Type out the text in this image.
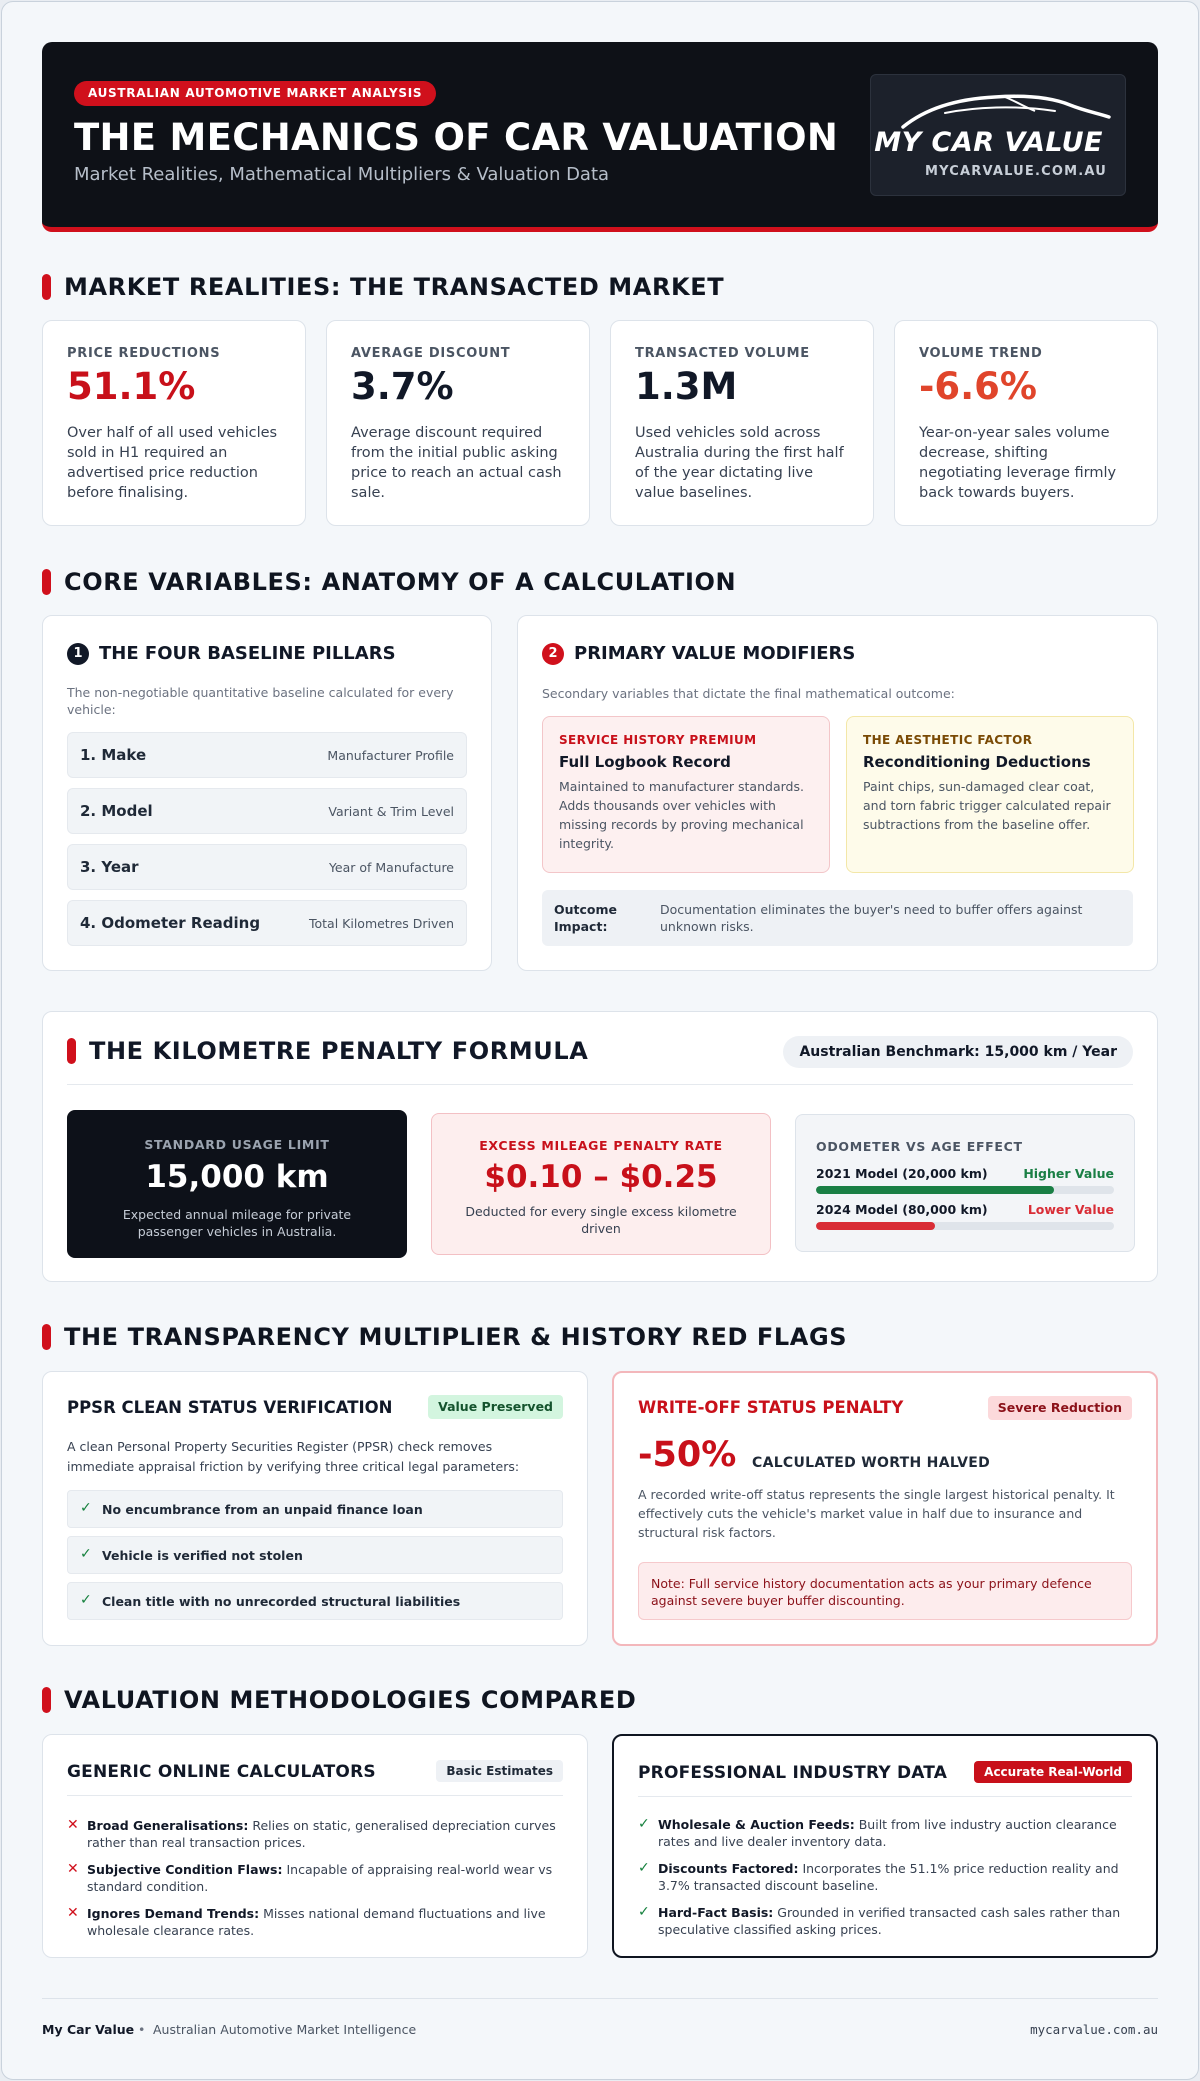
AUSTRALIAN AUTOMOTIVE MARKET ANALYSIS
THE MECHANICS OF CAR VALUATION
Market Realities, Mathematical Multipliers & Valuation Data
MY CAR VALUE
MYCARVALUE.COM.AU
MARKET REALITIES: THE TRANSACTED MARKET
PRICE REDUCTIONS
51.1%
Over half of all used vehicles sold in H1 required an advertised price reduction before finalising.
AVERAGE DISCOUNT
3.7%
Average discount required from the initial public asking price to reach an actual cash sale.
TRANSACTED VOLUME
1.3M
Used vehicles sold across Australia during the first half of the year dictating live value baselines.
VOLUME TREND
-6.6%
Year-on-year sales volume decrease, shifting negotiating leverage firmly back towards buyers.
CORE VARIABLES: ANATOMY OF A CALCULATION
1 THE FOUR BASELINE PILLARS
The non-negotiable quantitative baseline calculated for every vehicle:
1. Make	Manufacturer Profile
2. Model	Variant & Trim Level
3. Year	Year of Manufacture
4. Odometer Reading	Total Kilometres Driven
2 PRIMARY VALUE MODIFIERS
Secondary variables that dictate the final mathematical outcome:
SERVICE HISTORY PREMIUM
Full Logbook Record
Maintained to manufacturer standards. Adds thousands over vehicles with missing records by proving mechanical integrity.
THE AESTHETIC FACTOR
Reconditioning Deductions
Paint chips, sun-damaged clear coat, and torn fabric trigger calculated repair subtractions from the baseline offer.
Outcome Impact:
Documentation eliminates the buyer's need to buffer offers against unknown risks.
THE KILOMETRE PENALTY FORMULA	Australian Benchmark: 15,000 km / Year
STANDARD USAGE LIMIT
15,000 km
Expected annual mileage for private passenger vehicles in Australia.
EXCESS MILEAGE PENALTY RATE
$0.10 – $0.25
Deducted for every single excess kilometre driven
ODOMETER VS AGE EFFECT
2021 Model (20,000 km)	Higher Value
2024 Model (80,000 km)	Lower Value
THE TRANSPARENCY MULTIPLIER & HISTORY RED FLAGS
PPSR CLEAN STATUS VERIFICATION	Value Preserved
A clean Personal Property Securities Register (PPSR) check removes immediate appraisal friction by verifying three critical legal parameters:
✓ No encumbrance from an unpaid finance loan
✓ Vehicle is verified not stolen
✓ Clean title with no unrecorded structural liabilities
WRITE-OFF STATUS PENALTY	Severe Reduction
-50% CALCULATED WORTH HALVED
A recorded write-off status represents the single largest historical penalty. It effectively cuts the vehicle's market value in half due to insurance and structural risk factors.
Note: Full service history documentation acts as your primary defence against severe buyer buffer discounting.
VALUATION METHODOLOGIES COMPARED
GENERIC ONLINE CALCULATORS	Basic Estimates
✕ Broad Generalisations: Relies on static, generalised depreciation curves rather than real transaction prices.
✕ Subjective Condition Flaws: Incapable of appraising real-world wear vs standard condition.
✕ Ignores Demand Trends: Misses national demand fluctuations and live wholesale clearance rates.
PROFESSIONAL INDUSTRY DATA	Accurate Real-World
✓ Wholesale & Auction Feeds: Built from live industry auction clearance rates and live dealer inventory data.
✓ Discounts Factored: Incorporates the 51.1% price reduction reality and 3.7% transacted discount baseline.
✓ Hard-Fact Basis: Grounded in verified transacted cash sales rather than speculative classified asking prices.
My Car Value • Australian Automotive Market Intelligence	mycarvalue.com.au
